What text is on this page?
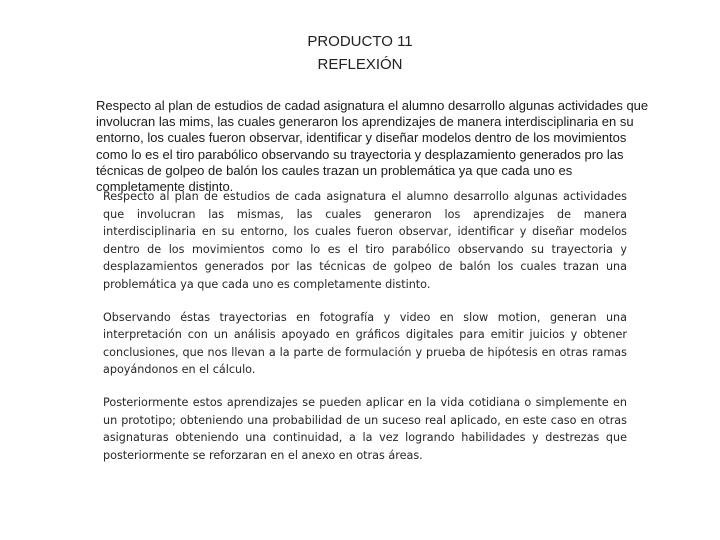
PRODUCTO 11
REFLEXIÓN
Respecto al plan de estudios de cadad asignatura el alumno desarrollo algunas actividades que involucran las mims, las cuales generaron los aprendizajes de manera interdisciplinaria en su entorno, los cuales fueron observar, identificar y diseñar modelos dentro de los movimientos como lo es el tiro parabólico observando su trayectoria y desplazamiento generados pro las técnicas de golpeo de balón los caules trazan un problemática ya que cada uno es completamente distinto.

Respecto al plan de estudios de cada asignatura el alumno desarrollo algunas actividades que involucran las mismas, las cuales generaron los aprendizajes de manera interdisciplinaria en su entorno, los cuales fueron observar, identificar y diseñar modelos dentro de los movimientos como lo es el tiro parabólico observando su trayectoria y desplazamientos generados por las técnicas de golpeo de balón los cuales trazan una problemática ya que cada uno es completamente distinto.

Observando éstas trayectorias en fotografía y video en slow motion, generan una interpretación con un análisis apoyado en gráficos digitales para emitir juicios y obtener conclusiones, que nos llevan a la parte de formulación y prueba de hipótesis en otras ramas apoyándonos en el cálculo.

Posteriormente estos aprendizajes se pueden aplicar en la vida cotidiana o simplemente en un prototipo; obteniendo una probabilidad de un suceso real aplicado, en este caso en otras asignaturas obteniendo una continuidad, a la vez logrando habilidades y destrezas que posteriormente se reforzaran en el anexo en otras áreas.
